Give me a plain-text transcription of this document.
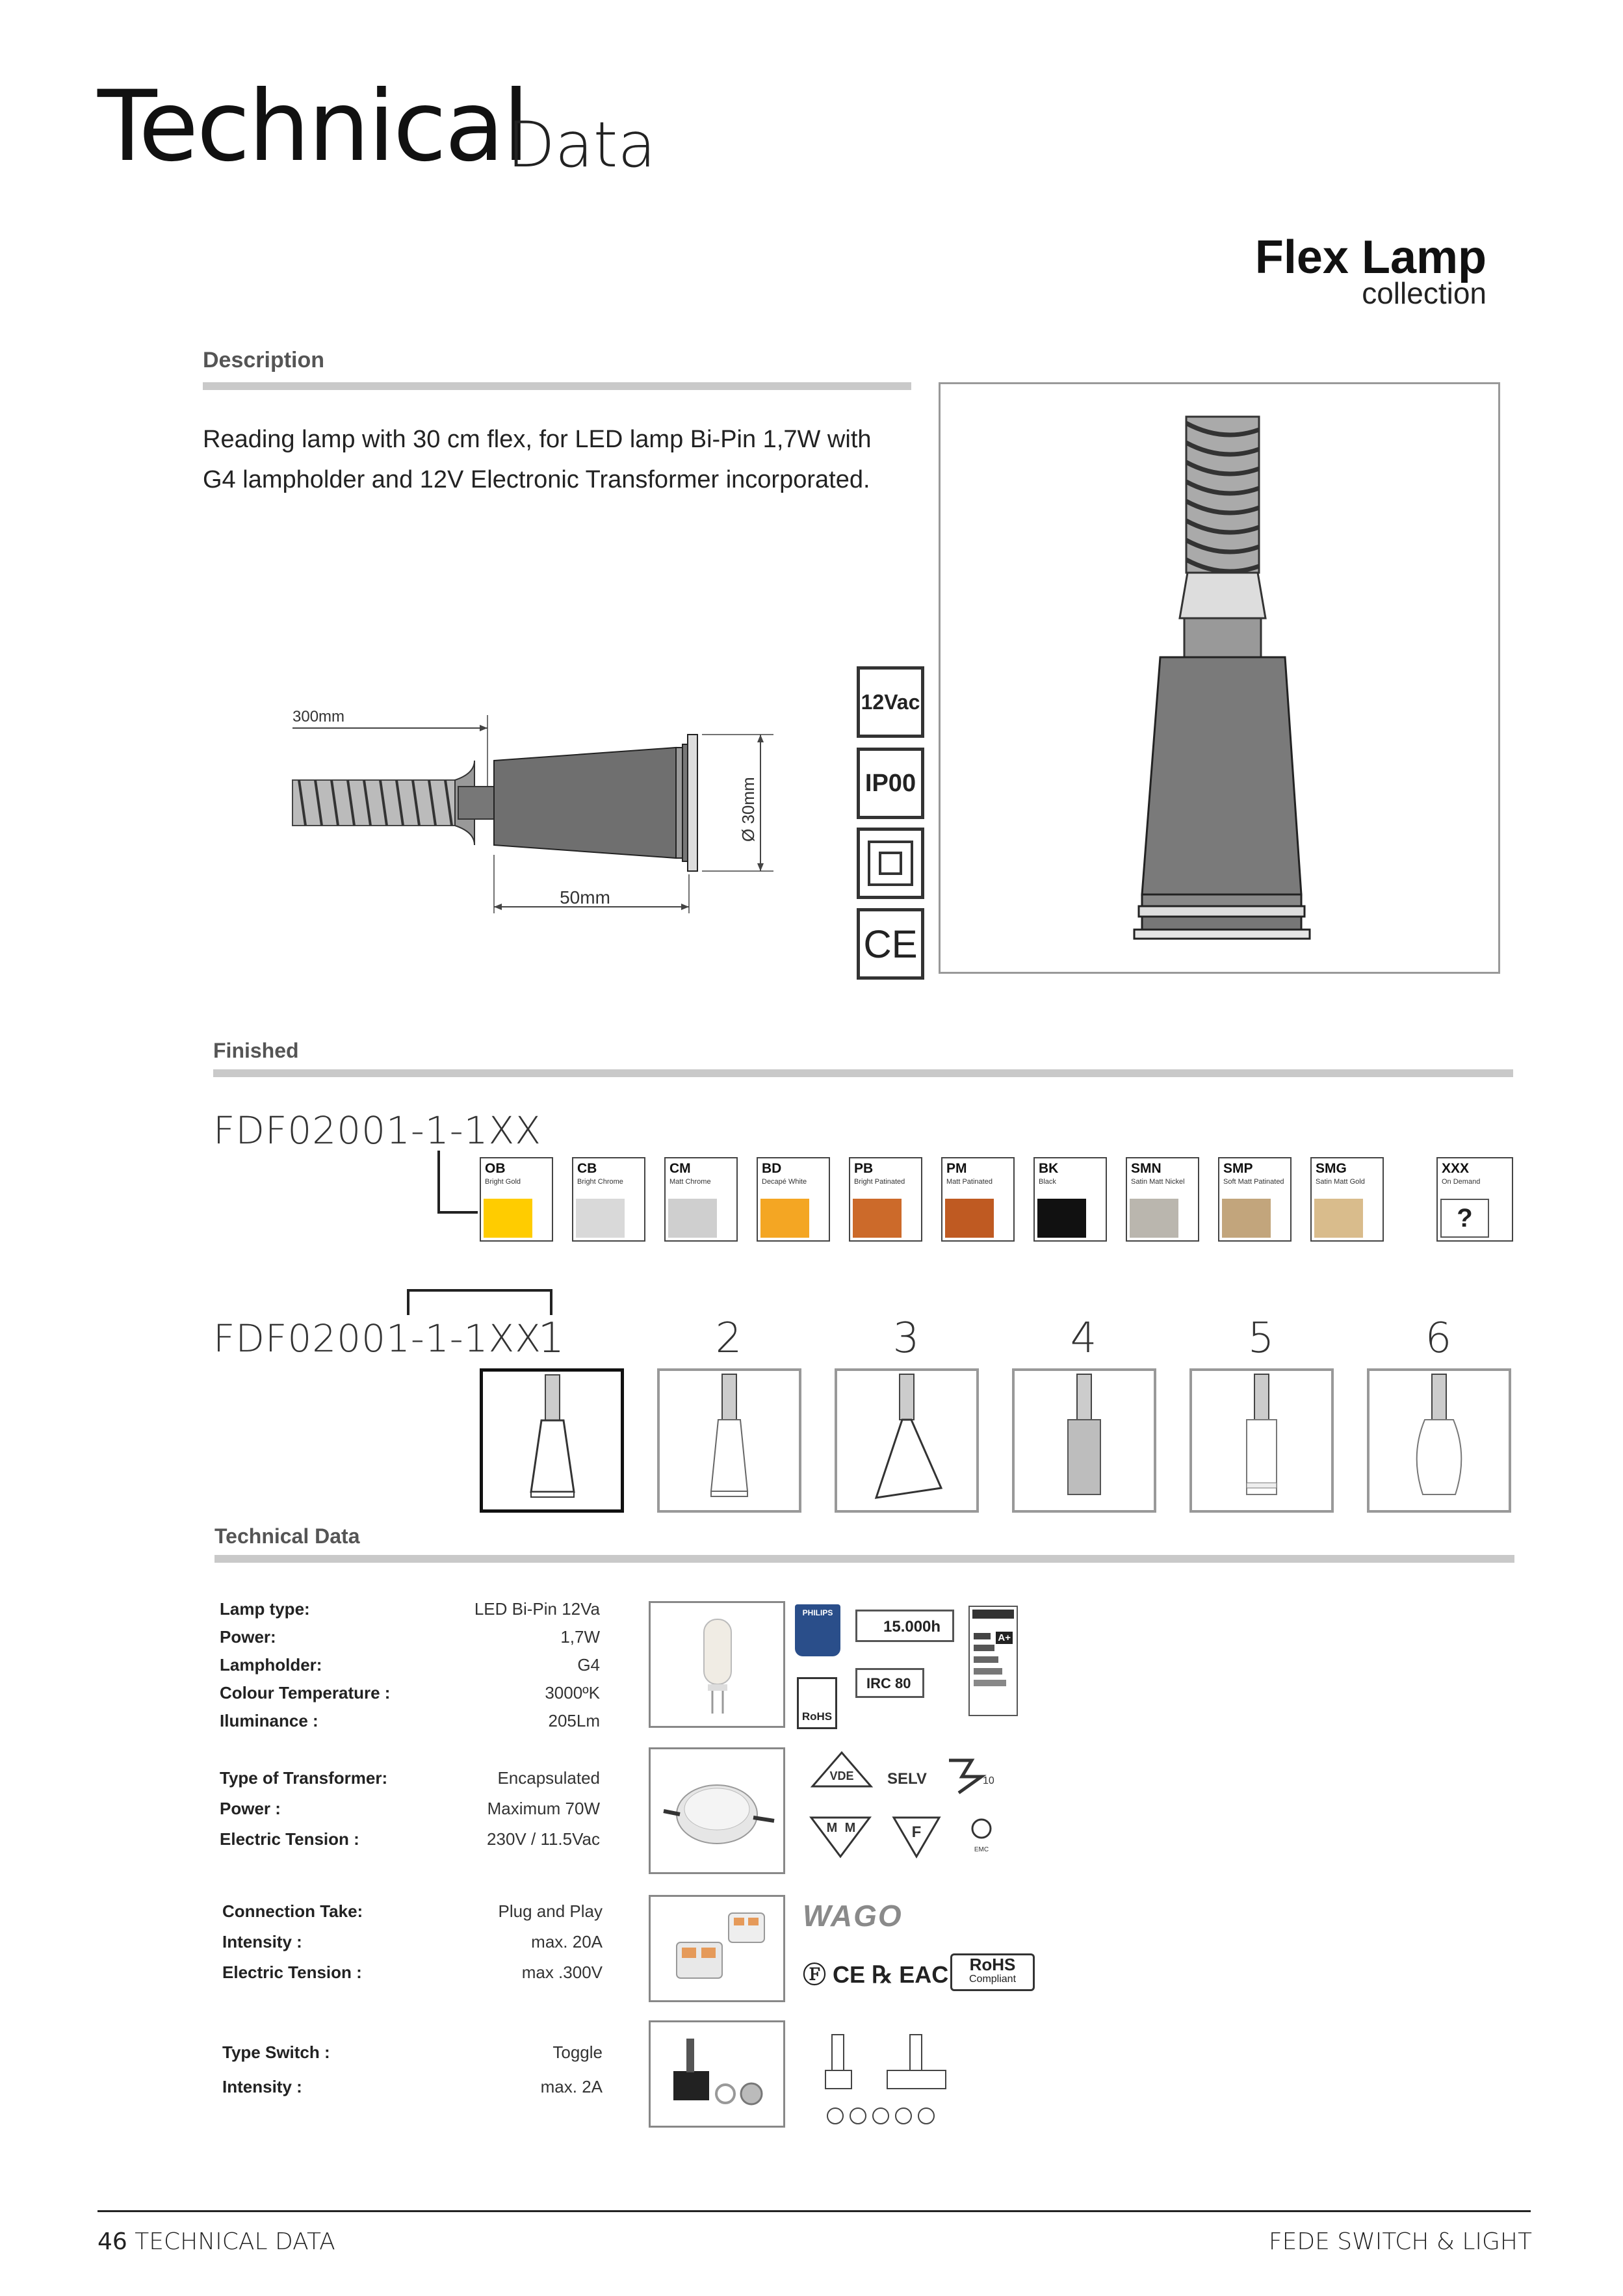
Technical
Data
Flex Lamp
collection
Description
Reading lamp with 30 cm flex, for LED lamp Bi-Pin 1,7W with G4 lampholder and 12V Electronic Transformer incorporated.
300mm
50mm
Ø 30mm
12Vac
IP00
CE
Finished
FDF02001-1-1XX
OB
Bright Gold
CB
Bright Chrome
CM
Matt Chrome
BD
Decapé White
PB
Bright Patinated
PM
Matt Patinated
BK
Black
SMN
Satin Matt Nickel
SMP
Soft Matt Patinated
SMG
Satin Matt Gold
XXX
On Demand
?
FDF02001-1-1XX
1	2	3	4	5	6
Technical Data
Lamp type:	LED Bi-Pin 12Va
Power:	1,7W
Lampholder:	G4
Colour Temperature :	3000ºK
Iluminance :	205Lm
Type of Transformer:	Encapsulated
Power :	Maximum 70W
Electric Tension :	230V / 11.5Vac
Connection Take:	Plug and Play
Intensity :	max. 20A
Electric Tension :	max .300V
Type Switch :	Toggle
Intensity :	max. 2A
PHILIPS
RoHS
15.000h
IRC 80
A+
VDE SELV	10
M M	F
EMC
WAGO
Ⓕ CE ℞ EAC	RoHS
Compliant
46 TECHNICAL DATA	FEDE SWITCH & LIGHT
